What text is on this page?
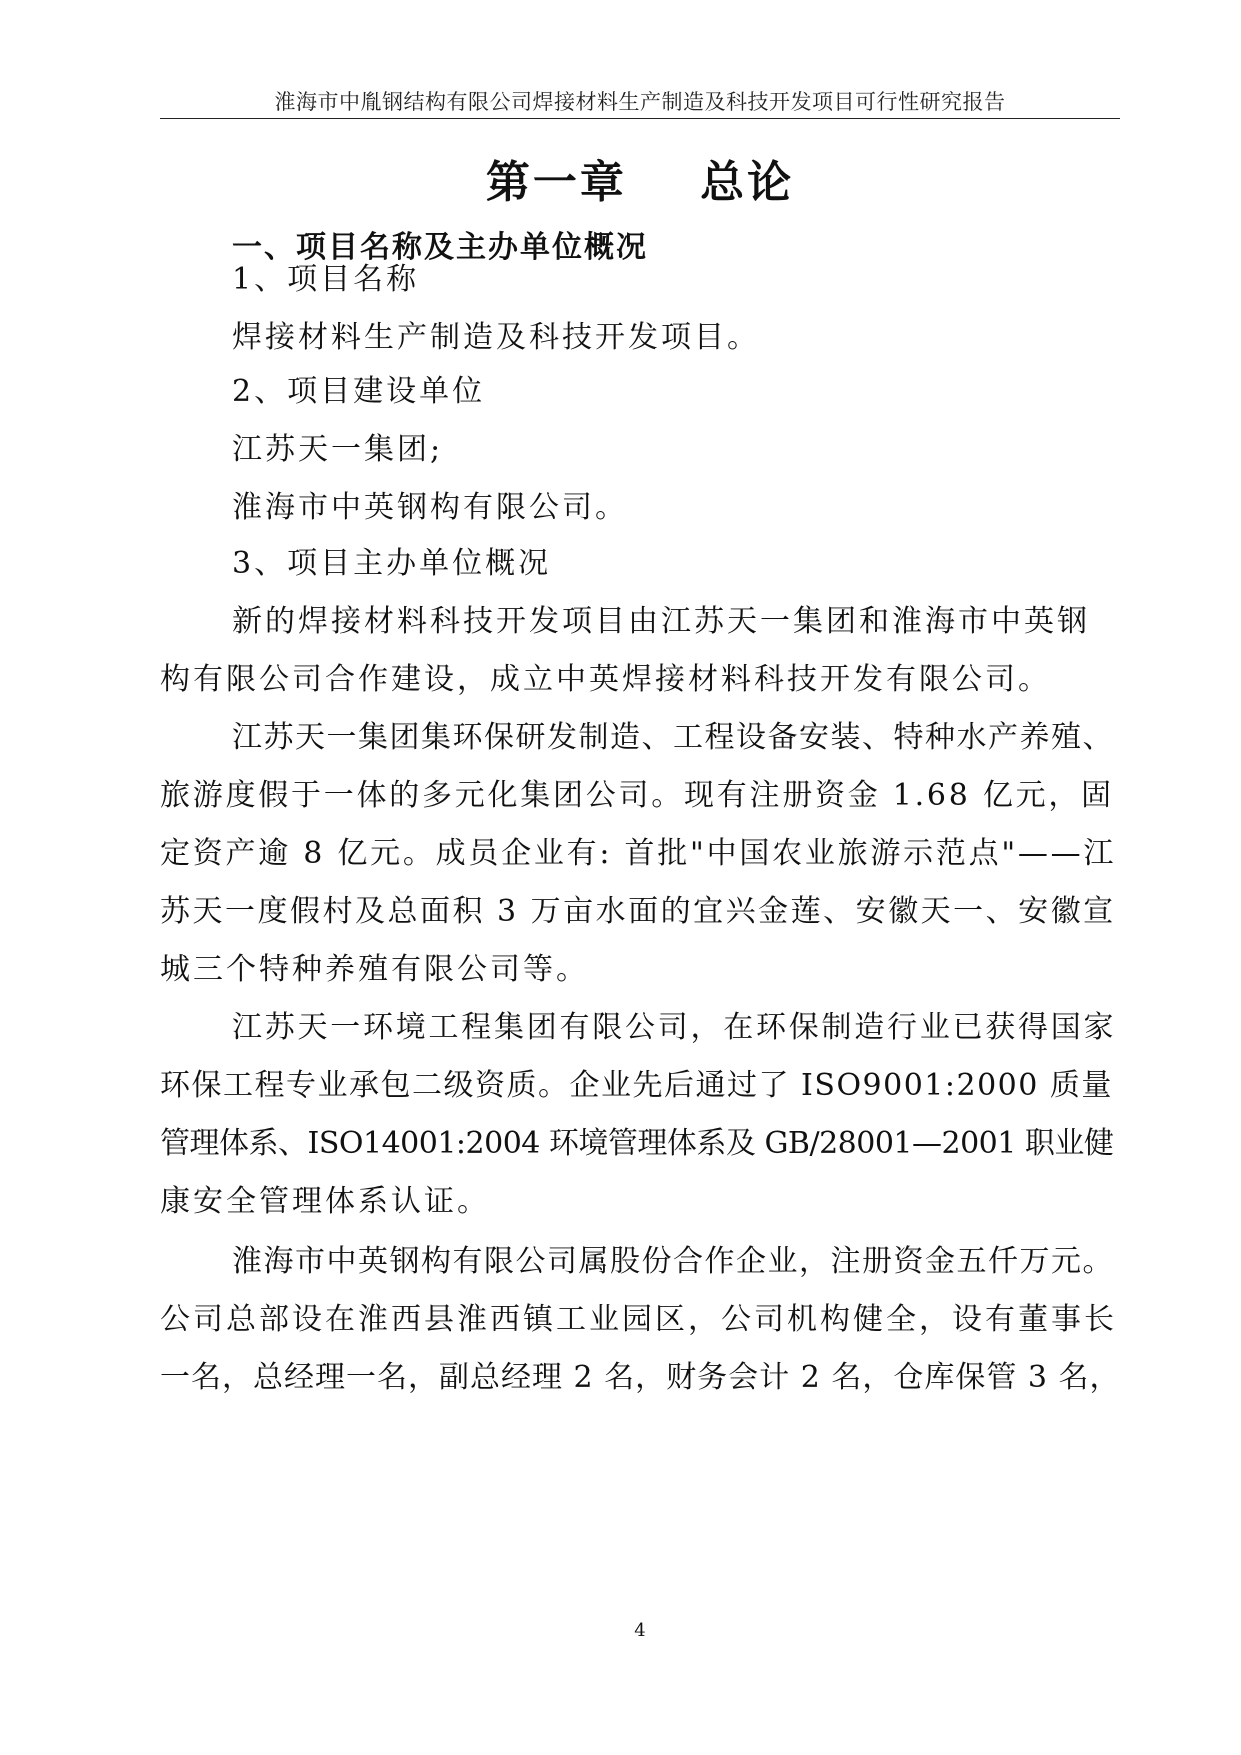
淮海市中胤钢结构有限公司焊接材料生产制造及科技开发项目可行性研究报告
第一章    总论
一、项目名称及主办单位概况
1、项目名称
焊接材料生产制造及科技开发项目。
2、项目建设单位
江苏天一集团;
淮海市中英钢构有限公司。
3、项目主办单位概况
新的焊接材料科技开发项目由江苏天一集团和淮海市中英钢
构有限公司合作建设，成立中英焊接材料科技开发有限公司。
江苏天一集团集环保研发制造、工程设备安装、特种水产养殖、
旅游度假于一体的多元化集团公司。现有注册资金 1.68 亿元，固
定资产逾 8 亿元。成员企业有: 首批"中国农业旅游示范点"——江
苏天一度假村及总面积 3 万亩水面的宜兴金莲、安徽天一、安徽宣
城三个特种养殖有限公司等。
江苏天一环境工程集团有限公司，在环保制造行业已获得国家
环保工程专业承包二级资质。企业先后通过了 ISO9001:2000 质量
管理体系、ISO14001:2004 环境管理体系及 GB/28001—2001 职业健
康安全管理体系认证。
淮海市中英钢构有限公司属股份合作企业，注册资金五仟万元。
公司总部设在淮西县淮西镇工业园区，公司机构健全，设有董事长
一名，总经理一名，副总经理 2 名，财务会计 2 名，仓库保管 3 名，
4
